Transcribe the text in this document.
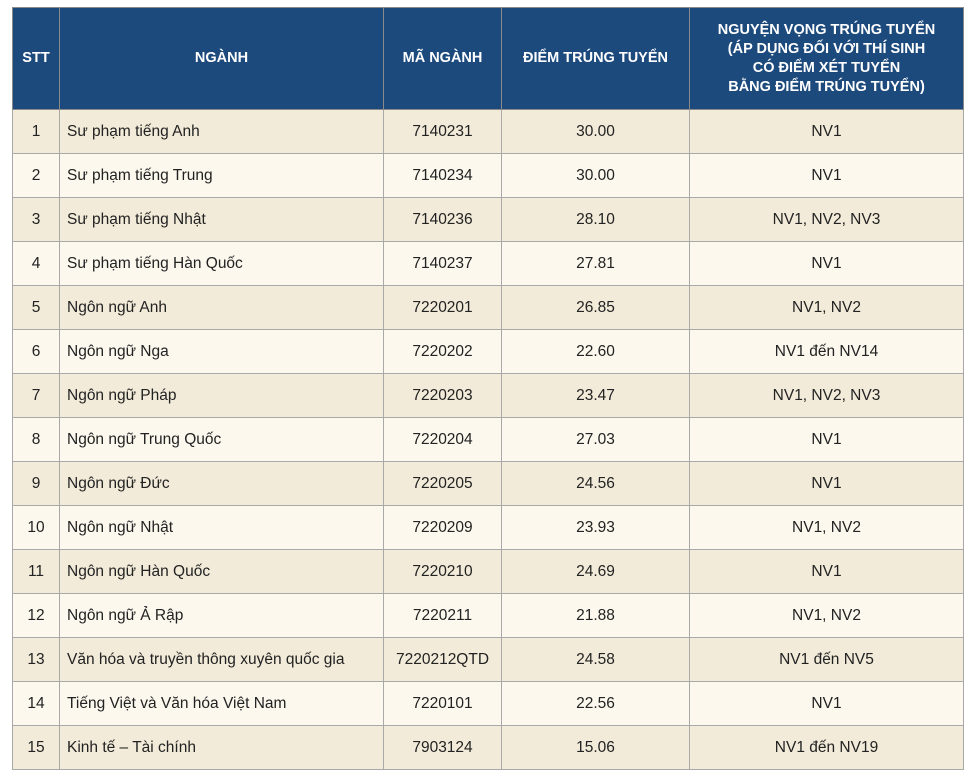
STT	NGÀNH	MÃ NGÀNH	ĐIỂM TRÚNG TUYỂN	NGUYỆN VỌNG TRÚNG TUYỂN
(ÁP DỤNG ĐỐI VỚI THÍ SINH
CÓ ĐIỂM XÉT TUYỂN
BẰNG ĐIỂM TRÚNG TUYỂN)
1	Sư phạm tiếng Anh	7140231	30.00	NV1
2	Sư phạm tiếng Trung	7140234	30.00	NV1
3	Sư phạm tiếng Nhật	7140236	28.10	NV1, NV2, NV3
4	Sư phạm tiếng Hàn Quốc	7140237	27.81	NV1
5	Ngôn ngữ Anh	7220201	26.85	NV1, NV2
6	Ngôn ngữ Nga	7220202	22.60	NV1 đến NV14
7	Ngôn ngữ Pháp	7220203	23.47	NV1, NV2, NV3
8	Ngôn ngữ Trung Quốc	7220204	27.03	NV1
9	Ngôn ngữ Đức	7220205	24.56	NV1
10	Ngôn ngữ Nhật	7220209	23.93	NV1, NV2
11	Ngôn ngữ Hàn Quốc	7220210	24.69	NV1
12	Ngôn ngữ Ả Rập	7220211	21.88	NV1, NV2
13	Văn hóa và truyền thông xuyên quốc gia	7220212QTD	24.58	NV1 đến NV5
14	Tiếng Việt và Văn hóa Việt Nam	7220101	22.56	NV1
15	Kinh tế – Tài chính	7903124	15.06	NV1 đến NV19
